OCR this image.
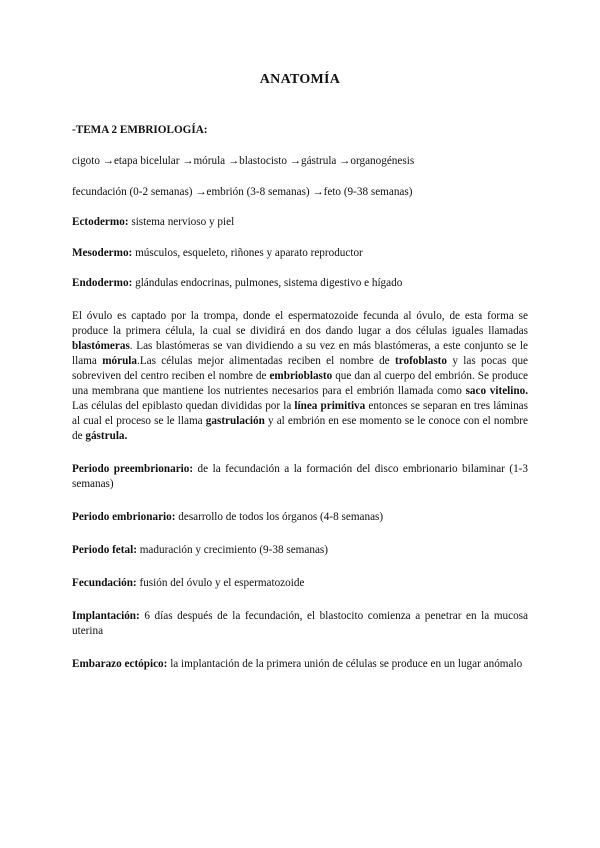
ANATOMÍA

-TEMA 2 EMBRIOLOGÍA:

cigoto →etapa bicelular →mórula →blastocisto →gástrula →organogénesis

fecundación (0-2 semanas) →embrión (3-8 semanas) →feto (9-38 semanas)

Ectodermo: sistema nervioso y piel

Mesodermo: músculos, esqueleto, riñones y aparato reproductor

Endodermo: glándulas endocrinas, pulmones, sistema digestivo e hígado

El óvulo es captado por la trompa, donde el espermatozoide fecunda al óvulo, de esta forma se produce la primera célula, la cual se dividirá en dos dando lugar a dos células iguales llamadas blastómeras. Las blastómeras se van dividiendo a su vez en más blastómeras, a este conjunto se le llama mórula.Las células mejor alimentadas reciben el nombre de trofoblasto y las pocas que sobreviven del centro reciben el nombre de embrioblasto que dan al cuerpo del embrión. Se produce una membrana que mantiene los nutrientes necesarios para el embrión llamada como saco vitelino. Las células del epiblasto quedan divididas por la línea primitiva entonces se separan en tres láminas al cual el proceso se le llama gastrulación y al embrión en ese momento se le conoce con el nombre de gástrula.

Periodo preembrionario: de la fecundación a la formación del disco embrionario bilaminar (1-3 semanas)

Periodo embrionario: desarrollo de todos los órganos (4-8 semanas)

Periodo fetal: maduración y crecimiento (9-38 semanas)

Fecundación: fusión del óvulo y el espermatozoide

Implantación: 6 días después de la fecundación, el blastocito comienza a penetrar en la mucosa uterina

Embarazo ectópico: la implantación de la primera unión de células se produce en un lugar anómalo
